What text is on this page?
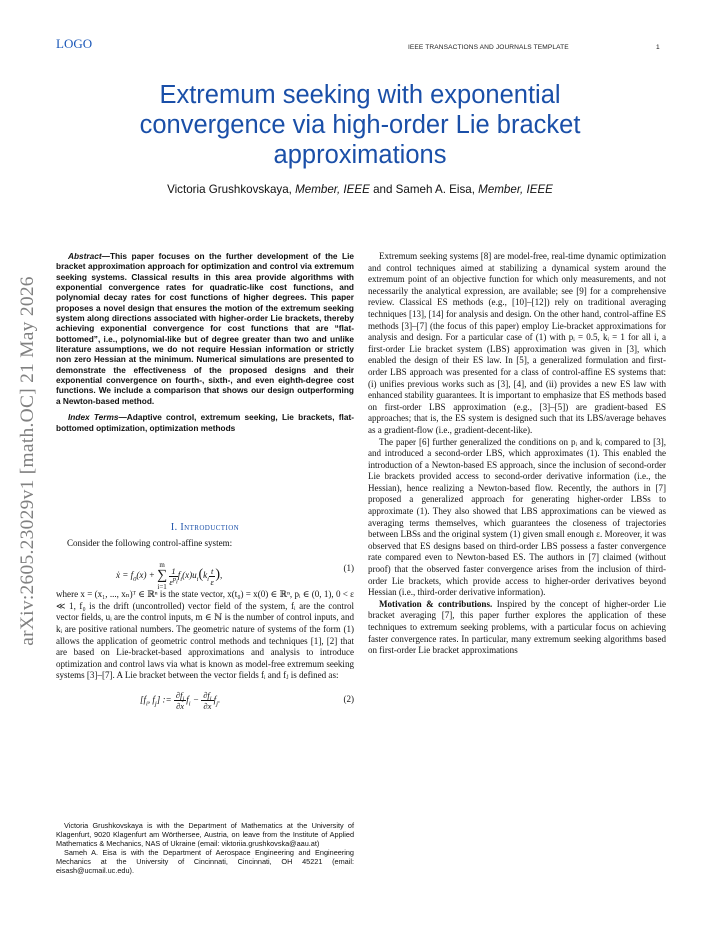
LOGO	IEEE TRANSACTIONS AND JOURNALS TEMPLATE	1
Extremum seeking with exponential convergence via high-order Lie bracket approximations
Victoria Grushkovskaya, Member, IEEE and Sameh A. Eisa, Member, IEEE
arXiv:2605.23029v1 [math.OC] 21 May 2026

Abstract—This paper focuses on the further development of the Lie bracket approximation approach for optimization and control via extremum seeking systems. Classical results in this area provide algorithms with exponential convergence rates for quadratic-like cost functions, and polynomial decay rates for cost functions of higher degrees. This paper proposes a novel design that ensures the motion of the extremum seeking system along directions associated with higher-order Lie brackets, thereby achieving exponential convergence for cost functions that are “flat-bottomed”, i.e., polynomial-like but of degree greater than two and unlike literature assumptions, we do not require Hessian information or strictly non zero Hessian at the minimum. Numerical simulations are presented to demonstrate the effectiveness of the proposed designs and their exponential convergence on fourth-, sixth-, and even eighth-degree cost functions. We include a comparison that shows our design outperforming a Newton-based method.

Index Terms—Adaptive control, extremum seeking, Lie brackets, flat-bottomed optimization, optimization methods

I. Introduction

Consider the following control-affine system:

ẋ = $f_0(x) + m$
∑
i=1
$\frac{1}{\varepsilon^{p_i}} f_i(x)u_i(k_i \frac{t}{\varepsilon}$ ),
(1)

where x = (x₁, ..., xₙ)ᵀ ∈ ℝⁿ is the state vector, x(t₀) = x(0) ∈ ℝⁿ, pᵢ ∈ (0, 1), 0 < ε ≪ 1, f₀ is the drift (uncontrolled) vector field of the system, fᵢ are the control vector fields, uᵢ are the control inputs, m ∈ ℕ is the number of control inputs, and kᵢ are positive rational numbers. The geometric nature of systems of the form (1) allows the application of geometric control methods and techniques [1], [2] that are based on Lie-bracket-based approximations and analysis to introduce optimization and control laws via what is known as model-free extremum seeking systems [3]–[7]. A Lie bracket between the vector fields fᵢ and fⱼ is defined as:

[$f_i$, $f_j$] := $\frac{\partial f_j}{\partial x} f_i - \frac{\partial f_i}{\partial x} f_j$.	(2)

Victoria Grushkovskaya is with the Department of Mathematics at the University of Klagenfurt, 9020 Klagenfurt am Wörthersee, Austria, on leave from the Institute of Applied Mathematics & Mechanics, NAS of Ukraine (email: viktoriia.grushkovska@aau.at)

Sameh A. Eisa is with the Department of Aerospace Engineering and Engineering Mechanics at the University of Cincinnati, Cincinnati, OH 45221 (email: eisash@ucmail.uc.edu).

Extremum seeking systems [8] are model-free, real-time dynamic optimization and control techniques aimed at stabilizing a dynamical system around the extremum point of an objective function for which only measurements, and not necessarily the analytical expression, are available; see [9] for a comprehensive review. Classical ES methods (e.g., [10]–[12]) rely on traditional averaging techniques [13], [14] for analysis and design. On the other hand, control-affine ES methods [3]–[7] (the focus of this paper) employ Lie-bracket approximations for analysis and design. For a particular case of (1) with pᵢ = 0.5, kᵢ = 1 for all i, a first-order Lie bracket system (LBS) approximation was given in [3], which enabled the design of their ES law. In [5], a generalized formulation and first-order LBS approach was presented for a class of control-affine ES systems that: (i) unifies previous works such as [3], [4], and (ii) provides a new ES law with enhanced stability guarantees. It is important to emphasize that ES methods based on first-order LBS approximation (e.g., [3]–[5]) are gradient-based ES approaches; that is, the ES system is designed such that its LBS/average behaves as a gradient-flow (i.e., gradient-decent-like).

The paper [6] further generalized the conditions on pᵢ and kᵢ compared to [3], and introduced a second-order LBS, which approximates (1). This enabled the introduction of a Newton-based ES approach, since the inclusion of second-order Lie brackets provided access to second-order derivative information (i.e., the Hessian), hence realizing a Newton-based flow. Recently, the authors in [7] proposed a generalized approach for generating higher-order LBSs to approximate (1). They also showed that LBS approximations can be viewed as averaging terms themselves, which guarantees the closeness of trajectories between LBSs and the original system (1) given small enough ε. Moreover, it was observed that ES designs based on third-order LBS possess a faster convergence rate compared even to Newton-based ES. The authors in [7] claimed (without proof) that the observed faster convergence arises from the inclusion of third-order Lie brackets, which provide access to higher-order derivatives beyond Hessian (i.e., third-order derivative information).

Motivation & contributions. Inspired by the concept of higher-order Lie bracket averaging [7], this paper further explores the application of these techniques to extremum seeking problems, with a particular focus on achieving faster convergence rates. In particular, many extremum seeking algorithms based on first-order Lie bracket approximations
